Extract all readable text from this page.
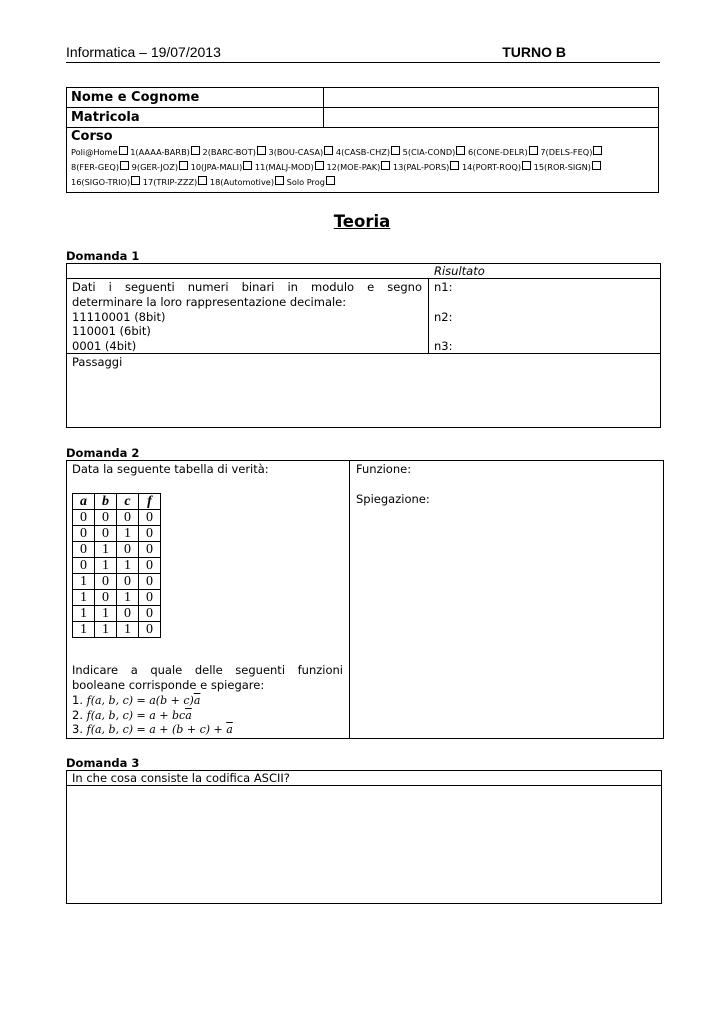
Informatica – 19/07/2013	TURNO B
Nome e Cognome	
Matricola	

Corso
Poli@Home 1(AAAA-BARB) 2(BARC-BOT) 3(BOU-CASA) 4(CASB-CHZ) 5(CIA-COND) 6(CONE-DELR) 7(DELS-FEQ) 8(FER-GEQ) 9(GER-JOZ) 10(JPA-MALI) 11(MALJ-MOD) 12(MOE-PAK) 13(PAL-PORS) 14(PORT-ROQ) 15(ROR-SIGN) 16(SIGO-TRIO) 17(TRIP-ZZZ) 18(Automotive) Solo Prog	
Teoria
Domanda 1
Risultato
Dati i seguenti numeri binari in modulo e segno
determinare la loro rappresentazione decimale:
11110001 (8bit)
110001 (6bit)
0001 (4bit)
n1:
n2:
n3:
Passaggi
Domanda 2
Data la seguente tabella di verità:
a	b	c	f
0	0	0	0
0	0	1	0
0	1	0	0
0	1	1	0
1	0	0	0
1	0	1	0
1	1	0	0
1	1	1	0
Indicare a quale delle seguenti funzioni
booleane corrisponde e spiegare:
1. f(a, b, $c) = a(b + c)\overline{a}$
2. f(a, b, $c) = a + bc\overline{a}$
3. f(a, b, $c) = a + (b + c) + \overline{a}$
Funzione:
Spiegazione:
Domanda 3
In che cosa consiste la codifica ASCII?
